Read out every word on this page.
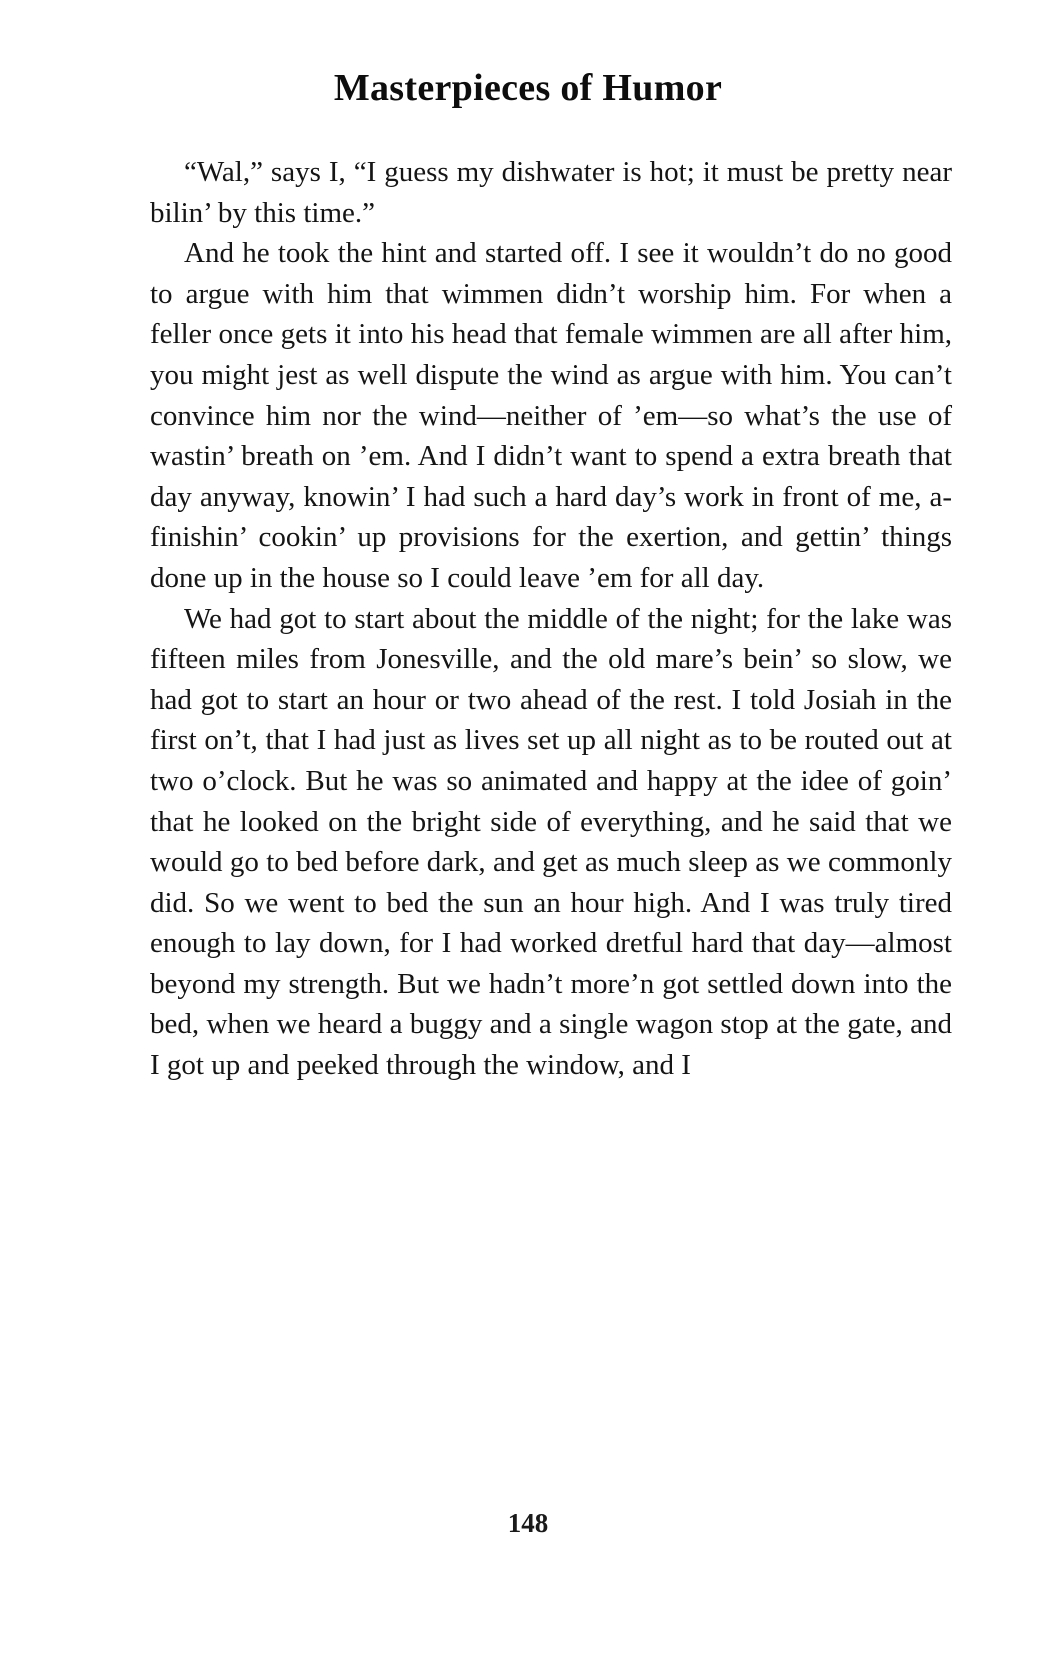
Masterpieces of Humor

“Wal,” says I, “I guess my dishwater is hot; it must be pretty near bilin’ by this time.”

And he took the hint and started off. I see it wouldn’t do no good to argue with him that wimmen didn’t worship him. For when a feller once gets it into his head that female wimmen are all after him, you might jest as well dispute the wind as argue with him. You can’t convince him nor the wind—neither of ’em—so what’s the use of wastin’ breath on ’em. And I didn’t want to spend a extra breath that day anyway, knowin’ I had such a hard day’s work in front of me, a-finishin’ cookin’ up provisions for the exertion, and gettin’ things done up in the house so I could leave ’em for all day.

We had got to start about the middle of the night; for the lake was fifteen miles from Jonesville, and the old mare’s bein’ so slow, we had got to start an hour or two ahead of the rest. I told Josiah in the first on’t, that I had just as lives set up all night as to be routed out at two o’clock. But he was so animated and happy at the idee of goin’ that he looked on the bright side of everything, and he said that we would go to bed before dark, and get as much sleep as we commonly did. So we went to bed the sun an hour high. And I was truly tired enough to lay down, for I had worked dretful hard that day—almost beyond my strength. But we hadn’t more’n got settled down into the bed, when we heard a buggy and a single wagon stop at the gate, and I got up and peeked through the window, and I

148
